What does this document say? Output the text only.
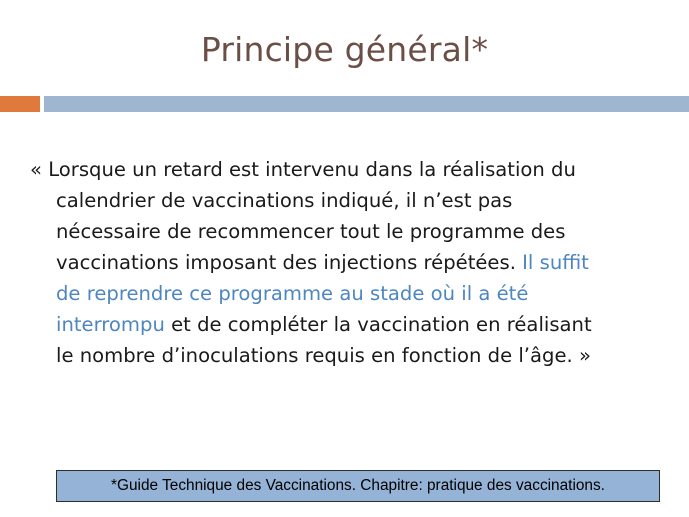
Principe général*
« Lorsque un retard est intervenu dans la réalisation du
calendrier de vaccinations indiqué, il n’est pas
nécessaire de recommencer tout le programme des
vaccinations imposant des injections répétées. Il suffit
de reprendre ce programme au stade où il a été
interrompu et de compléter la vaccination en réalisant
le nombre d’inoculations requis en fonction de l’âge. »
*Guide Technique des Vaccinations. Chapitre: pratique des vaccinations.
